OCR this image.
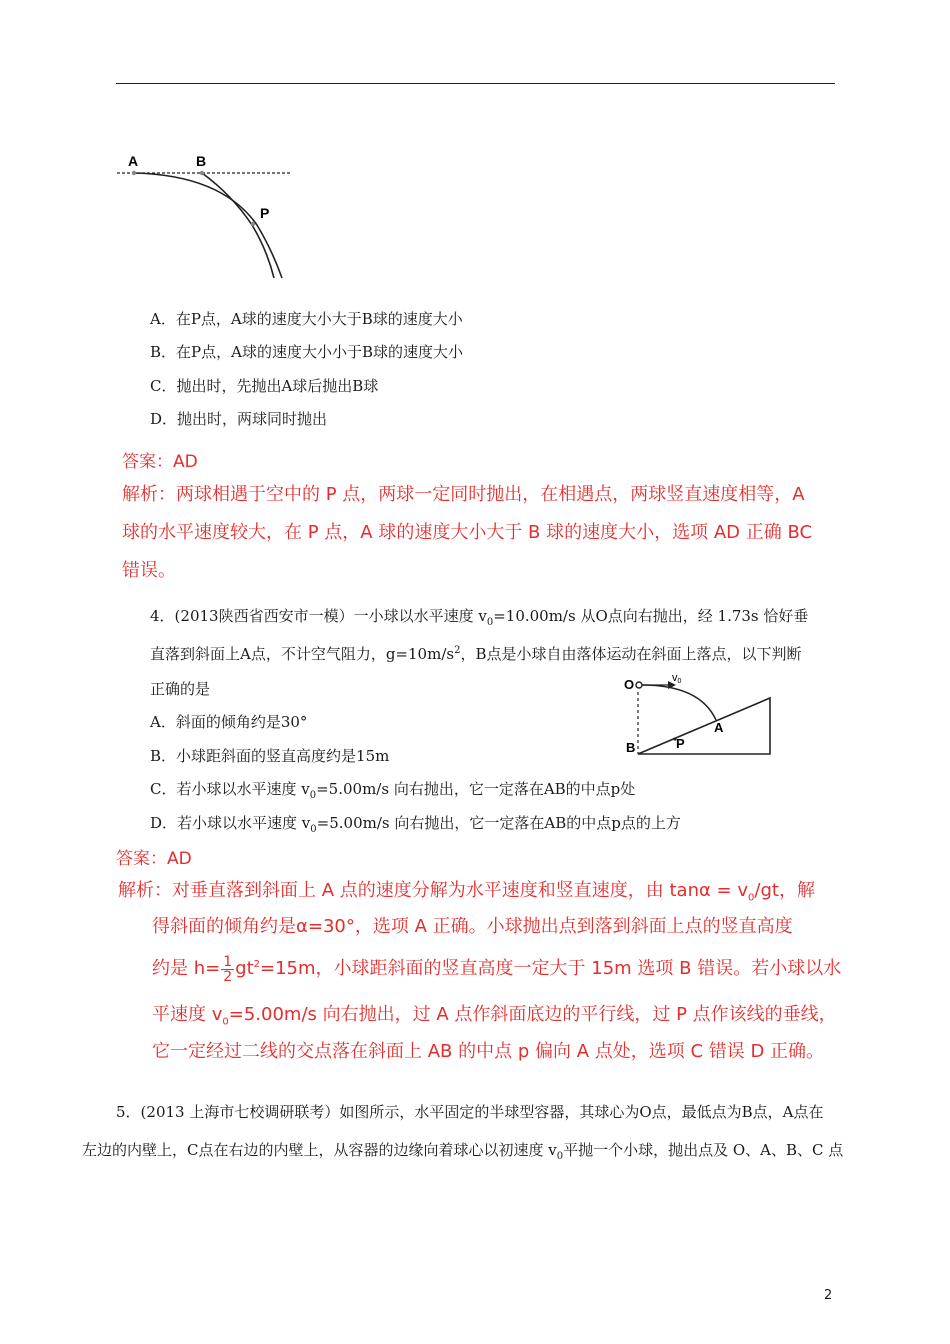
A	B
P
A．在P点，A球的速度大小大于B球的速度大小
B．在P点，A球的速度大小小于B球的速度大小
C．抛出时，先抛出A球后抛出B球
D．抛出时，两球同时抛出
答案：AD
解析：两球相遇于空中的 P 点，两球一定同时抛出，在相遇点，两球竖直速度相等，A
球的水平速度较大，在 P 点，A 球的速度大小大于 B 球的速度大小，选项 AD 正确 BC
错误。
4．(2013陕西省西安市一模）一小球以水平速度 $v_0=10.00m/s$ 从O点向右抛出，经 1.73s 恰好垂
直落到斜面上A点，不计空气阻力，$g=10m/s^2$，B点是小球自由落体运动在斜面上落点，以下判断
正确的是
A．斜面的倾角约是30°
B．小球距斜面的竖直高度约是15m
C．若小球以水平速度 $v_0=5.00m/s$ 向右抛出，它一定落在AB的中点p处
D．若小球以水平速度 $v_0=5.00m/s$ 向右抛出，它一定落在AB的中点p点的上方
O	v0
A
B	P
答案：AD
解析：对垂直落到斜面上 A 点的速度分解为水平速度和竖直速度，由 $\tan\alpha = v_0/gt$，解
得斜面的倾角约是α=30°，选项 A 正确。小球抛出点到落到斜面上点的竖直高度
约是 $h= \frac{1}{2} gt^2=15m$，小球距斜面的竖直高度一定大于 15m 选项 B 错误。若小球以水
平速度 $v_0=5.00m/s$ 向右抛出，过 A 点作斜面底边的平行线，过 P 点作该线的垂线，
它一定经过二线的交点落在斜面上 AB 的中点 p 偏向 A 点处，选项 C 错误 D 正确。
5．(2013 上海市七校调研联考）如图所示，水平固定的半球型容器，其球心为O点，最低点为B点，A点在
左边的内壁上，C点在右边的内壁上，从容器的边缘向着球心以初速度 $v_0$平抛一个小球，抛出点及 O、A、B、C 点
2
